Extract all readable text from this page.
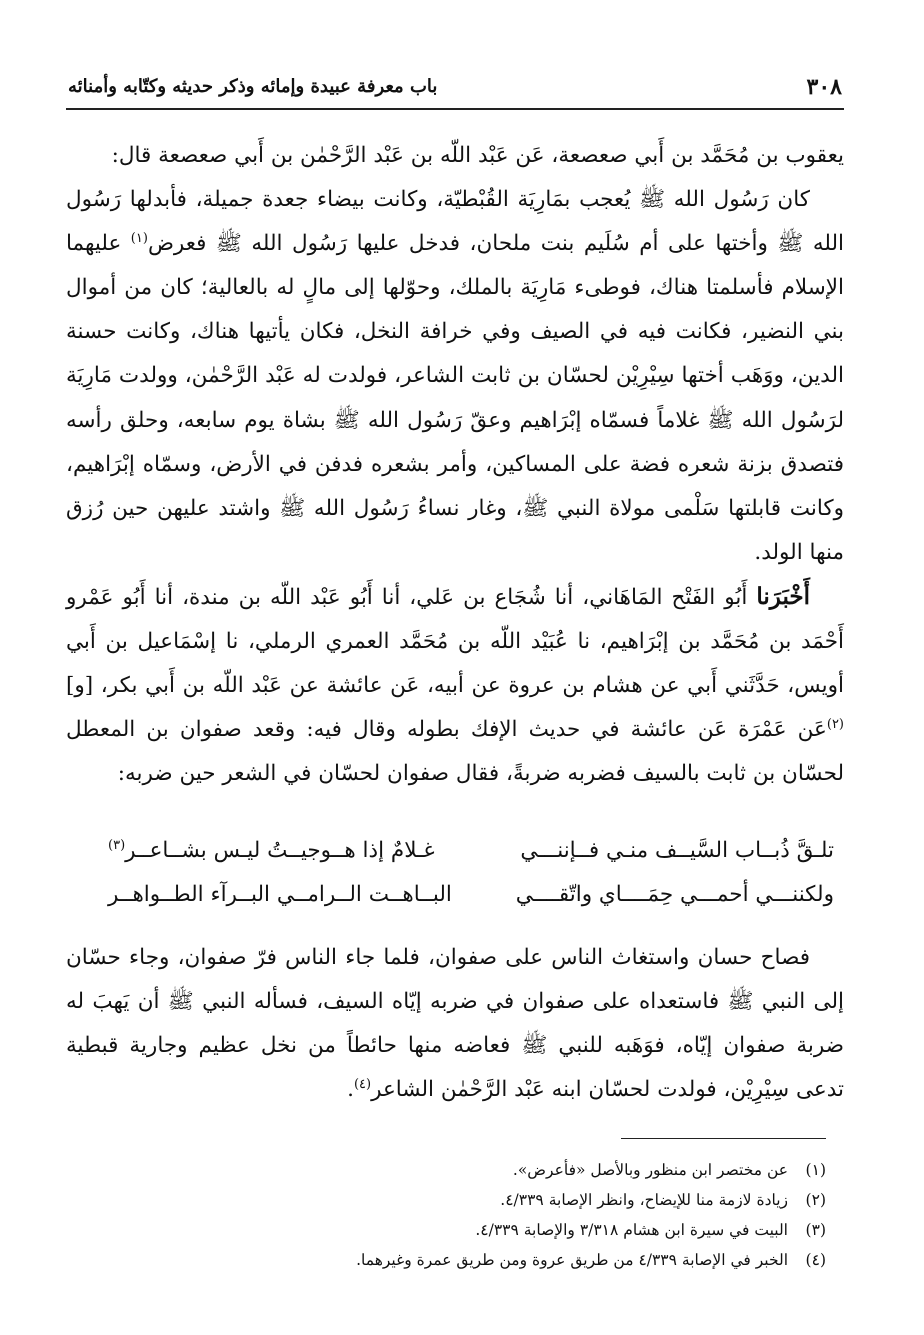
٣٠٨
باب معرفة عبيدة وإمائه وذكر حديثه وكتّابه وأمنائه

يعقوب بن مُحَمَّد بن أَبي صعصعة، عَن عَبْد اللّه بن عَبْد الرَّحْمٰن بن أَبي صعصعة قال:

كان رَسُول الله ﷺ يُعجب بمَارِيَة القُبْطيّة، وكانت بيضاء جعدة جميلة، فأبدلها رَسُول الله ﷺ وأختها على أم سُلَيم بنت ملحان، فدخل عليها رَسُول الله ﷺ فعرض$^{(١)}$ عليهما الإسلام فأسلمتا هناك، فوطىء مَارِيَة بالملك، وحوّلها إلى مالٍ له بالعالية؛ كان من أموال بني النضير، فكانت فيه في الصيف وفي خرافة النخل، فكان يأتيها هناك، وكانت حسنة الدين، ووَهَب أختها سِيْرِيْن لحسّان بن ثابت الشاعر، فولدت له عَبْد الرَّحْمٰن، وولدت مَارِيَة لرَسُول الله ﷺ غلاماً فسمّاه إبْرَاهيم وعقّ رَسُول الله ﷺ بشاة يوم سابعه، وحلق رأسه فتصدق بزنة شعره فضة على المساكين، وأمر بشعره فدفن في الأرض، وسمّاه إبْرَاهيم، وكانت قابلتها سَلْمى مولاة النبي ﷺ، وغار نساءُ رَسُول الله ﷺ واشتد عليهن حين رُزق منها الولد.

أَخْبَرَنا أَبُو الفَتْح المَاهَاني، أنا شُجَاع بن عَلي، أنا أَبُو عَبْد اللّه بن مندة، أنا أَبُو عَمْرو أَحْمَد بن مُحَمَّد بن إبْرَاهيم، نا عُبَيْد اللّه بن مُحَمَّد العمري الرملي، نا إسْمَاعيل بن أَبي أويس، حَدَّثَني أَبي عن هشام بن عروة عن أبيه، عَن عائشة عن عَبْد اللّه بن أَبي بكر، [و]$^{(٢)}$عَن عَمْرَة عَن عائشة في حديث الإفك بطوله وقال فيه: وقعد صفوان بن المعطل لحسّان بن ثابت بالسيف فضربه ضربةً، فقال صفوان لحسّان في الشعر حين ضربه:

تلـقَّ ذُبــاب السَّيــف منـي فــإننـــي
غـلامٌ إذا هــوجيــتُ ليـس بشــاعــر$^{(٣)}$
ولكننـــي أحمـــي حِمَــــاي واتّقــــي
البــاهــت الــرامــي البــرآء الطــواهــر

فصاح حسان واستغاث الناس على صفوان، فلما جاء الناس فرّ صفوان، وجاء حسّان إلى النبي ﷺ فاستعداه على صفوان في ضربه إيّاه السيف، فسأله النبي ﷺ أن يَهبَ له ضربة صفوان إيّاه، فوَهَبه للنبي ﷺ فعاضه منها حائطاً من نخل عظيم وجارية قبطية تدعى سِيْرِيْن، فولدت لحسّان ابنه عَبْد الرَّحْمٰن الشاعر$^{(٤)}$.

(١)عن مختصر ابن منظور وبالأصل «فأعرض».
(٢)زيادة لازمة منا للإيضاح، وانظر الإصابة ٤/٣٣٩.
(٣)البيت في سيرة ابن هشام ٣/٣١٨ والإصابة ٤/٣٣٩.
(٤)الخبر في الإصابة ٤/٣٣٩ من طريق عروة ومن طريق عمرة وغيرهما.
